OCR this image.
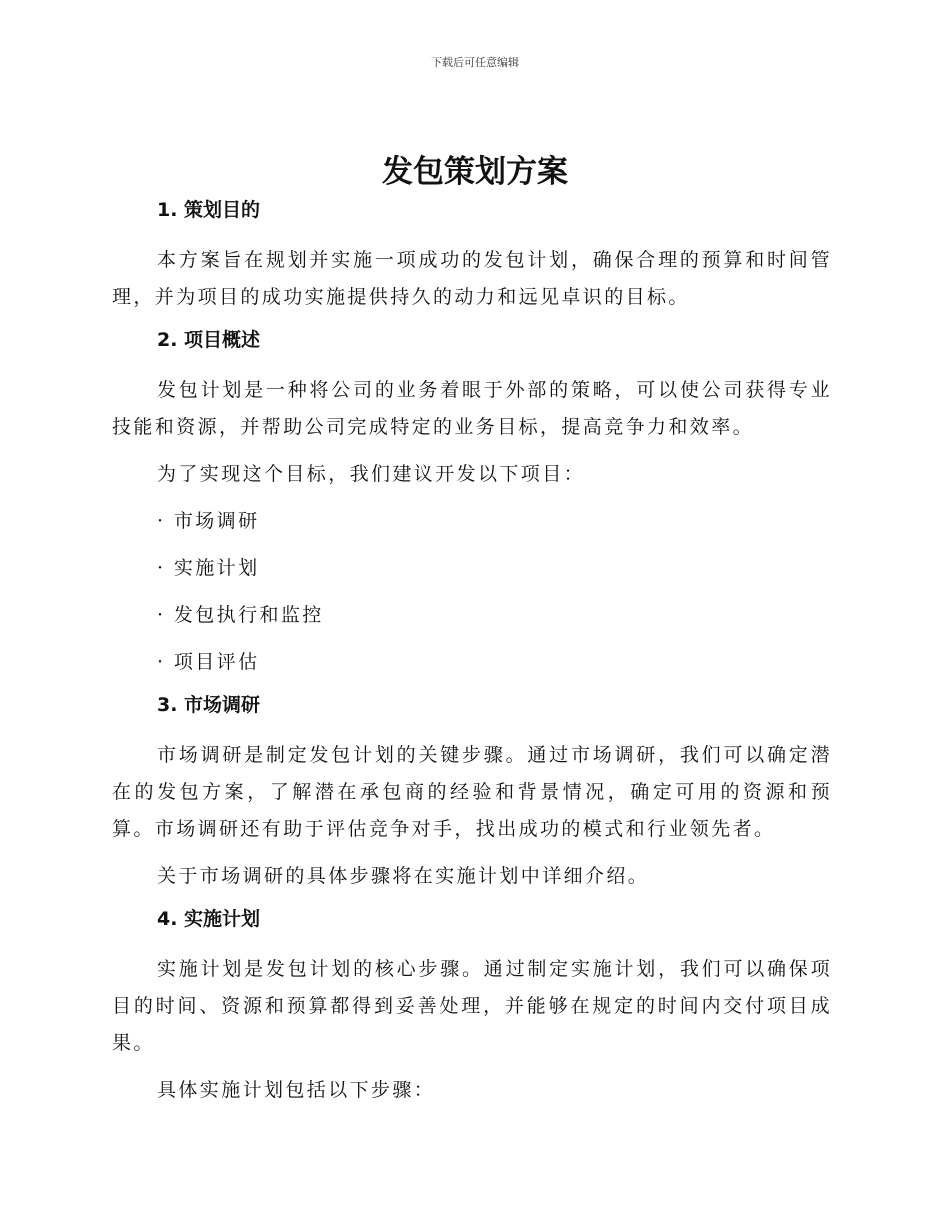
下载后可任意编辑
发包策划方案
1. 策划目的

本方案旨在规划并实施一项成功的发包计划，确保合理的预算和时间管理，并为项目的成功实施提供持久的动力和远见卓识的目标。

2. 项目概述

发包计划是一种将公司的业务着眼于外部的策略，可以使公司获得专业技能和资源，并帮助公司完成特定的业务目标，提高竞争力和效率。

为了实现这个目标，我们建议开发以下项目：

· 市场调研
· 实施计划
· 发包执行和监控
· 项目评估
3. 市场调研

市场调研是制定发包计划的关键步骤。通过市场调研，我们可以确定潜在的发包方案，了解潜在承包商的经验和背景情况，确定可用的资源和预算。市场调研还有助于评估竞争对手，找出成功的模式和行业领先者。

关于市场调研的具体步骤将在实施计划中详细介绍。

4. 实施计划

实施计划是发包计划的核心步骤。通过制定实施计划，我们可以确保项目的时间、资源和预算都得到妥善处理，并能够在规定的时间内交付项目成果。

具体实施计划包括以下步骤：
